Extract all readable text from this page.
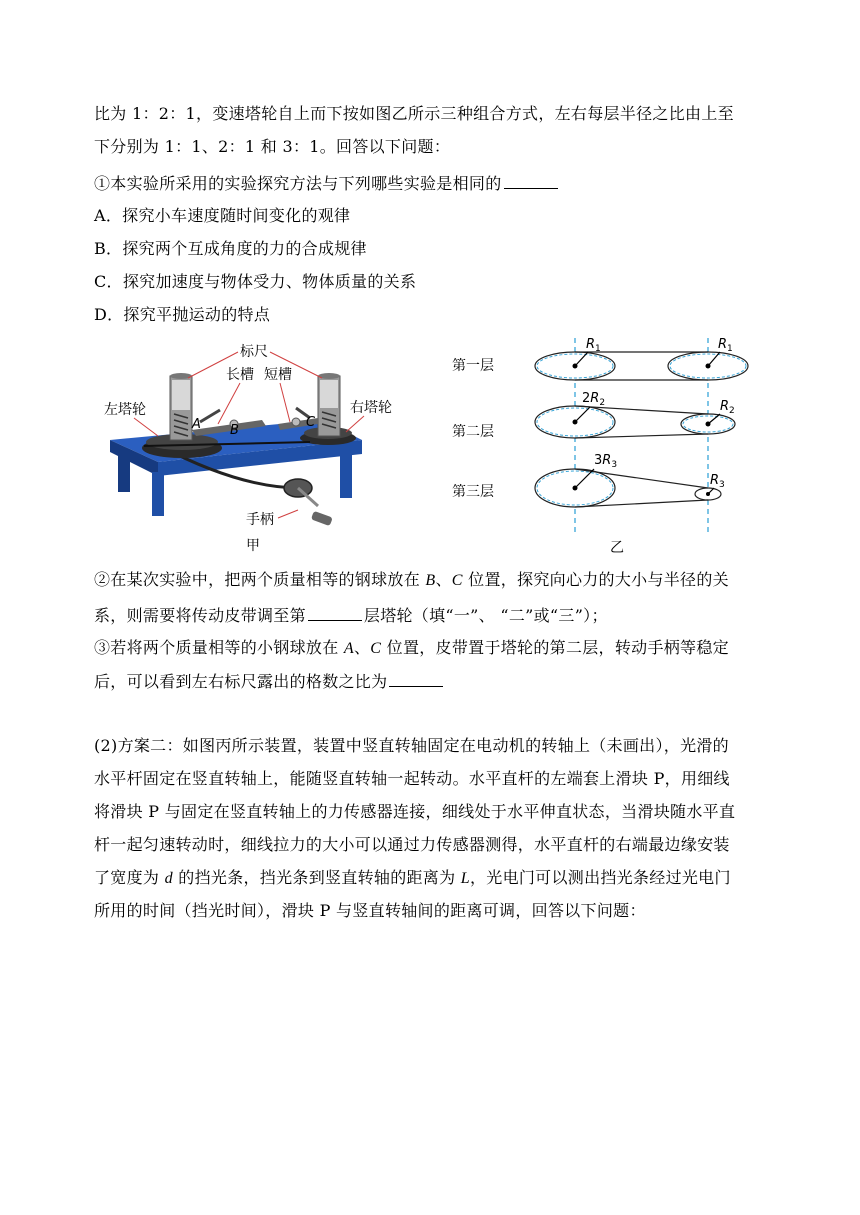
比为 1：2：1，变速塔轮自上而下按如图乙所示三种组合方式，左右每层半径之比由上至
下分别为 1：1、2：1 和 3：1。回答以下问题：
①本实验所采用的实验探究方法与下列哪些实验是相同的
A．探究小车速度随时间变化的观律
B．探究两个互成角度的力的合成规律
C．探究加速度与物体受力、物体质量的关系
D．探究平抛运动的特点
标尺
长槽 短槽
左塔轮	右塔轮
A B
C
手柄
甲
第一层
$R_1$	$R_1$
第二层
$2R_2$	$R_2$
第三层
$3R_3$
$R_3$
乙
②在某次实验中，把两个质量相等的钢球放在 B、C 位置，探究向心力的大小与半径的关
系，则需要将传动皮带调至第	层塔轮（填“一”、 “二”或“三”）；
③若将两个质量相等的小钢球放在 A、C 位置，皮带置于塔轮的第二层，转动手柄等稳定
后，可以看到左右标尺露出的格数之比为
(2)方案二：如图丙所示装置，装置中竖直转轴固定在电动机的转轴上（未画出），光滑的
水平杆固定在竖直转轴上，能随竖直转轴一起转动。水平直杆的左端套上滑块 P，用细线
将滑块 P 与固定在竖直转轴上的力传感器连接，细线处于水平伸直状态，当滑块随水平直
杆一起匀速转动时，细线拉力的大小可以通过力传感器测得，水平直杆的右端最边缘安装
了宽度为 d 的挡光条，挡光条到竖直转轴的距离为 L，光电门可以测出挡光条经过光电门
所用的时间（挡光时间），滑块 P 与竖直转轴间的距离可调，回答以下问题：
